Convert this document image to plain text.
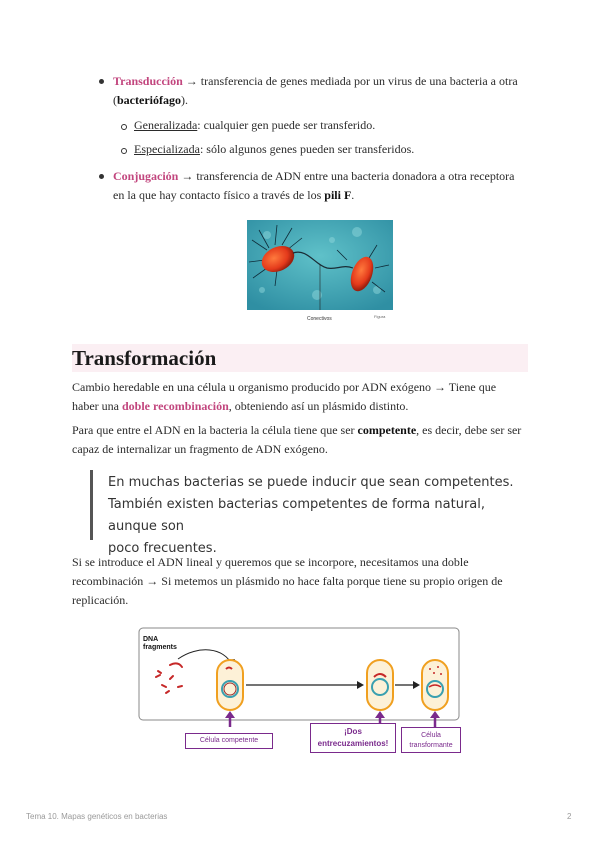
Transducción → transferencia de genes mediada por un virus de una bacteria a otra
(bacteriófago).
Generalizada: cualquier gen puede ser transferido.
Especializada: sólo algunos genes pueden ser transferidos.
Conjugación → transferencia de ADN entre una bacteria donadora a otra receptora
en la que hay contacto físico a través de los pili F.
Conectivos	Figura
Transformación
Cambio heredable en una célula u organismo producido por ADN exógeno → Tiene que
haber una doble recombinación, obteniendo así un plásmido distinto.
Para que entre el ADN en la bacteria la célula tiene que ser competente, es decir, debe ser ser
capaz de internalizar un fragmento de ADN exógeno.
En muchas bacterias se puede inducir que sean competentes.
También existen bacterias competentes de forma natural, aunque son
poco frecuentes.
Si se introduce el ADN lineal y queremos que se incorpore, necesitamos una doble
recombinación → Si metemos un plásmido no hace falta porque tiene su propio origen de
replicación.
DNA
fragments
Célula competente
¡Dos
entrecuzamientos!
Célula
transformante
Tema 10. Mapas genéticos en bacterias	2
